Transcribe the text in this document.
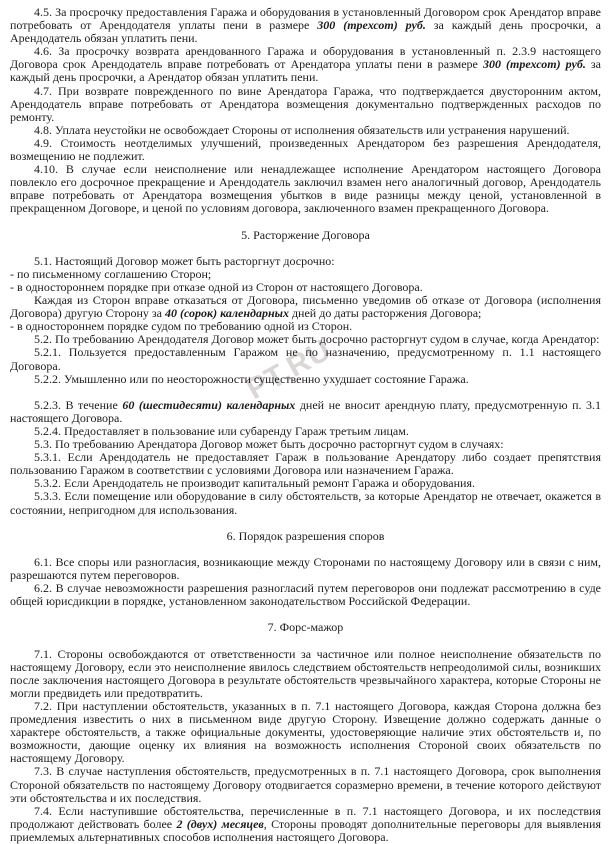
РТ.RU

4.5. За просрочку предоставления Гаража и оборудования в установленный Договором срок Арендатор вправе потребовать от Арендодателя уплаты пени в размере 300 (трехсот) руб. за каждый день просрочки, а Арендодатель обязан уплатить пени.

4.6. За просрочку возврата арендованного Гаража и оборудования в установленный п. 2.3.9 настоящего Договора срок Арендодатель вправе потребовать от Арендатора уплаты пени в размере 300 (трехсот) руб. за каждый день просрочки, а Арендатор обязан уплатить пени.

4.7. При возврате поврежденного по вине Арендатора Гаража, что подтверждается двусторонним актом, Арендодатель вправе потребовать от Арендатора возмещения документально подтвержденных расходов по ремонту.

4.8. Уплата неустойки не освобождает Стороны от исполнения обязательств или устранения нарушений.

4.9. Стоимость неотделимых улучшений, произведенных Арендатором без разрешения Арендодателя, возмещению не подлежит.

4.10. В случае если неисполнение или ненадлежащее исполнение Арендатором настоящего Договора повлекло его досрочное прекращение и Арендодатель заключил взамен него аналогичный договор, Арендодатель вправе потребовать от Арендатора возмещения убытков в виде разницы между ценой, установленной в прекращенном Договоре, и ценой по условиям договора, заключенного взамен прекращенного Договора.

5. Расторжение Договора

5.1. Настоящий Договор может быть расторгнут досрочно:

- по письменному соглашению Сторон;

- в одностороннем порядке при отказе одной из Сторон от настоящего Договора.

Каждая из Сторон вправе отказаться от Договора, письменно уведомив об отказе от Договора (исполнения Договора) другую Сторону за 40 (сорок) календарных дней до даты расторжения Договора;

- в одностороннем порядке судом по требованию одной из Сторон.

5.2. По требованию Арендодателя Договор может быть досрочно расторгнут судом в случае, когда Арендатор:

5.2.1. Пользуется предоставленным Гаражом не по назначению, предусмотренному п. 1.1 настоящего Договора.

5.2.2. Умышленно или по неосторожности существенно ухудшает состояние Гаража.

5.2.3. В течение 60 (шестидесяти) календарных дней не вносит арендную плату, предусмотренную п. 3.1 настоящего Договора.

5.2.4. Предоставляет в пользование или субаренду Гараж третьим лицам.

5.3. По требованию Арендатора Договор может быть досрочно расторгнут судом в случаях:

5.3.1. Если Арендодатель не предоставляет Гараж в пользование Арендатору либо создает препятствия пользованию Гаражом в соответствии с условиями Договора или назначением Гаража.

5.3.2. Если Арендодатель не производит капитальный ремонт Гаража и оборудования.

5.3.3. Если помещение или оборудование в силу обстоятельств, за которые Арендатор не отвечает, окажется в состоянии, непригодном для использования.

6. Порядок разрешения споров

6.1. Все споры или разногласия, возникающие между Сторонами по настоящему Договору или в связи с ним, разрешаются путем переговоров.

6.2. В случае невозможности разрешения разногласий путем переговоров они подлежат рассмотрению в суде общей юрисдикции в порядке, установленном законодательством Российской Федерации.

7. Форс-мажор

7.1. Стороны освобождаются от ответственности за частичное или полное неисполнение обязательств по настоящему Договору, если это неисполнение явилось следствием обстоятельств непреодолимой силы, возникших после заключения настоящего Договора в результате обстоятельств чрезвычайного характера, которые Стороны не могли предвидеть или предотвратить.

7.2. При наступлении обстоятельств, указанных в п. 7.1 настоящего Договора, каждая Сторона должна без промедления известить о них в письменном виде другую Сторону. Извещение должно содержать данные о характере обстоятельств, а также официальные документы, удостоверяющие наличие этих обстоятельств и, по возможности, дающие оценку их влияния на возможность исполнения Стороной своих обязательств по настоящему Договору.

7.3. В случае наступления обстоятельств, предусмотренных в п. 7.1 настоящего Договора, срок выполнения Стороной обязательств по настоящему Договору отодвигается соразмерно времени, в течение которого действуют эти обстоятельства и их последствия.

7.4. Если наступившие обстоятельства, перечисленные в п. 7.1 настоящего Договора, и их последствия продолжают действовать более 2 (двух) месяцев, Стороны проводят дополнительные переговоры для выявления приемлемых альтернативных способов исполнения настоящего Договора.
